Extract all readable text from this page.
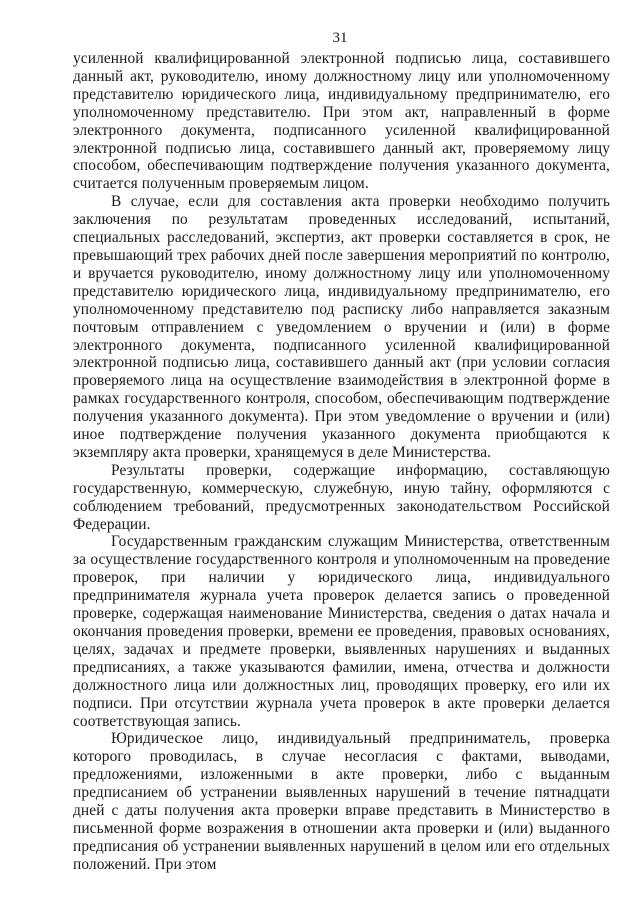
31

усиленной квалифицированной электронной подписью лица, составившего данный акт, руководителю, иному должностному лицу или уполномоченному представителю юридического лица, индивидуальному предпринимателю, его уполномоченному представителю. При этом акт, направленный в форме электронного документа, подписанного усиленной квалифицированной электронной подписью лица, составившего данный акт, проверяемому лицу способом, обеспечивающим подтверждение получения указанного документа, считается полученным проверяемым лицом.

В случае, если для составления акта проверки необходимо получить заключения по результатам проведенных исследований, испытаний, специальных расследований, экспертиз, акт проверки составляется в срок, не превышающий трех рабочих дней после завершения мероприятий по контролю, и вручается руководителю, иному должностному лицу или уполномоченному представителю юридического лица, индивидуальному предпринимателю, его уполномоченному представителю под расписку либо направляется заказным почтовым отправлением с уведомлением о вручении и (или) в форме электронного документа, подписанного усиленной квалифицированной электронной подписью лица, составившего данный акт (при условии согласия проверяемого лица на осуществление взаимодействия в электронной форме в рамках государственного контроля, способом, обеспечивающим подтверждение получения указанного документа). При этом уведомление о вручении и (или) иное подтверждение получения указанного документа приобщаются к экземпляру акта проверки, хранящемуся в деле Министерства.

Результаты проверки, содержащие информацию, составляющую государственную, коммерческую, служебную, иную тайну, оформляются с соблюдением требований, предусмотренных законодательством Российской Федерации.

Государственным гражданским служащим Министерства, ответственным за осуществление государственного контроля и уполномоченным на проведение проверок, при наличии у юридического лица, индивидуального предпринимателя журнала учета проверок делается запись о проведенной проверке, содержащая наименование Министерства, сведения о датах начала и окончания проведения проверки, времени ее проведения, правовых основаниях, целях, задачах и предмете проверки, выявленных нарушениях и выданных предписаниях, а также указываются фамилии, имена, отчества и должности должностного лица или должностных лиц, проводящих проверку, его или их подписи. При отсутствии журнала учета проверок в акте проверки делается соответствующая запись.

Юридическое лицо, индивидуальный предприниматель, проверка которого проводилась, в случае несогласия с фактами, выводами, предложениями, изложенными в акте проверки, либо с выданным предписанием об устранении выявленных нарушений в течение пятнадцати дней с даты получения акта проверки вправе представить в Министерство в письменной форме возражения в отношении акта проверки и (или) выданного предписания об устранении выявленных нарушений в целом или его отдельных положений. При этом
